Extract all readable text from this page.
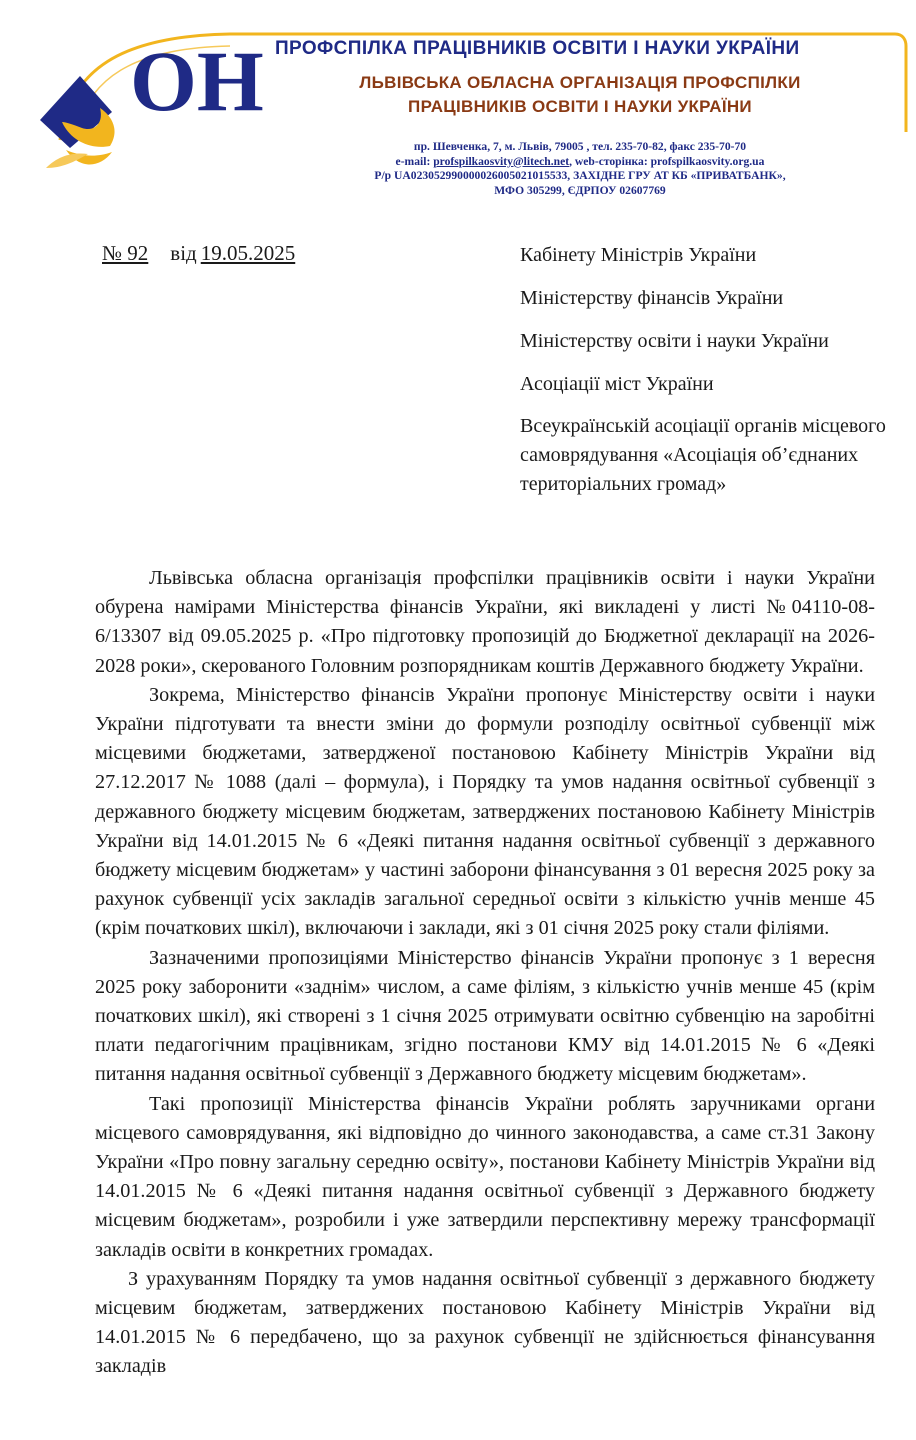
ОН ПРОФСПІЛКА ПРАЦІВНИКІВ ОСВІТИ І НАУКИ УКРАЇНИ
ЛЬВІВСЬКА ОБЛАСНА ОРГАНІЗАЦІЯ ПРОФСПІЛКИ
ПРАЦІВНИКІВ ОСВІТИ І НАУКИ УКРАЇНИ
пр. Шевченка, 7, м. Львів, 79005 , тел. 235-70-82, факс 235-70-70
e-mail: profspilkaosvity@litech.net, web-сторінка: profspilkaosvity.org.ua
Р/р UA023052990000026005021015533, ЗАХІДНЕ ГРУ АТ КБ «ПРИВАТБАНК»,
МФО 305299, ЄДРПОУ 02607769
№ 92 від 19.05.2025	Кабінету Міністрів України
Міністерству фінансів України
Міністерству освіти і науки України
Асоціації міст України
Всеукраїнській асоціації органів місцевого самоврядування «Асоціація об’єднаних територіальних громад»

Львівська обласна організація профспілки працівників освіти і науки України обурена намірами Міністерства фінансів України, які викладені у листі №04110-08-6/13307 від 09.05.2025 р. «Про підготовку пропозицій до Бюджетної декларації на 2026-2028 роки», скерованого Головним розпорядникам коштів Державного бюджету України.

Зокрема, Міністерство фінансів України пропонує Міністерству освіти і науки України підготувати та внести зміни до формули розподілу освітньої субвенції між місцевими бюджетами, затвердженої постановою Кабінету Міністрів України від 27.12.2017 № 1088 (далі – формула), і Порядку та умов надання освітньої субвенції з державного бюджету місцевим бюджетам, затверджених постановою Кабінету Міністрів України від 14.01.2015 № 6 «Деякі питання надання освітньої субвенції з державного бюджету місцевим бюджетам» у частині заборони фінансування з 01 вересня 2025 року за рахунок субвенції усіх закладів загальної середньої освіти з кількістю учнів менше 45 (крім початкових шкіл), включаючи і заклади, які з 01 січня 2025 року стали філіями.

Зазначеними пропозиціями Міністерство фінансів України пропонує з 1 вересня 2025 року заборонити «заднім» числом, а саме філіям, з кількістю учнів менше 45 (крім початкових шкіл), які створені з 1 січня 2025 отримувати освітню субвенцію на заробітні плати педагогічним працівникам, згідно постанови КМУ від 14.01.2015 № 6 «Деякі питання надання освітньої субвенції з Державного бюджету місцевим бюджетам».

Такі пропозиції Міністерства фінансів України роблять заручниками органи місцевого самоврядування, які відповідно до чинного законодавства, а саме ст.31 Закону України «Про повну загальну середню освіту», постанови Кабінету Міністрів України від 14.01.2015 № 6 «Деякі питання надання освітньої субвенції з Державного бюджету місцевим бюджетам», розробили і уже затвердили перспективну мережу трансформації закладів освіти в конкретних громадах.

З урахуванням Порядку та умов надання освітньої субвенції з державного бюджету місцевим бюджетам, затверджених постановою Кабінету Міністрів України від 14.01.2015 № 6 передбачено, що за рахунок субвенції не здійснюється фінансування закладів
